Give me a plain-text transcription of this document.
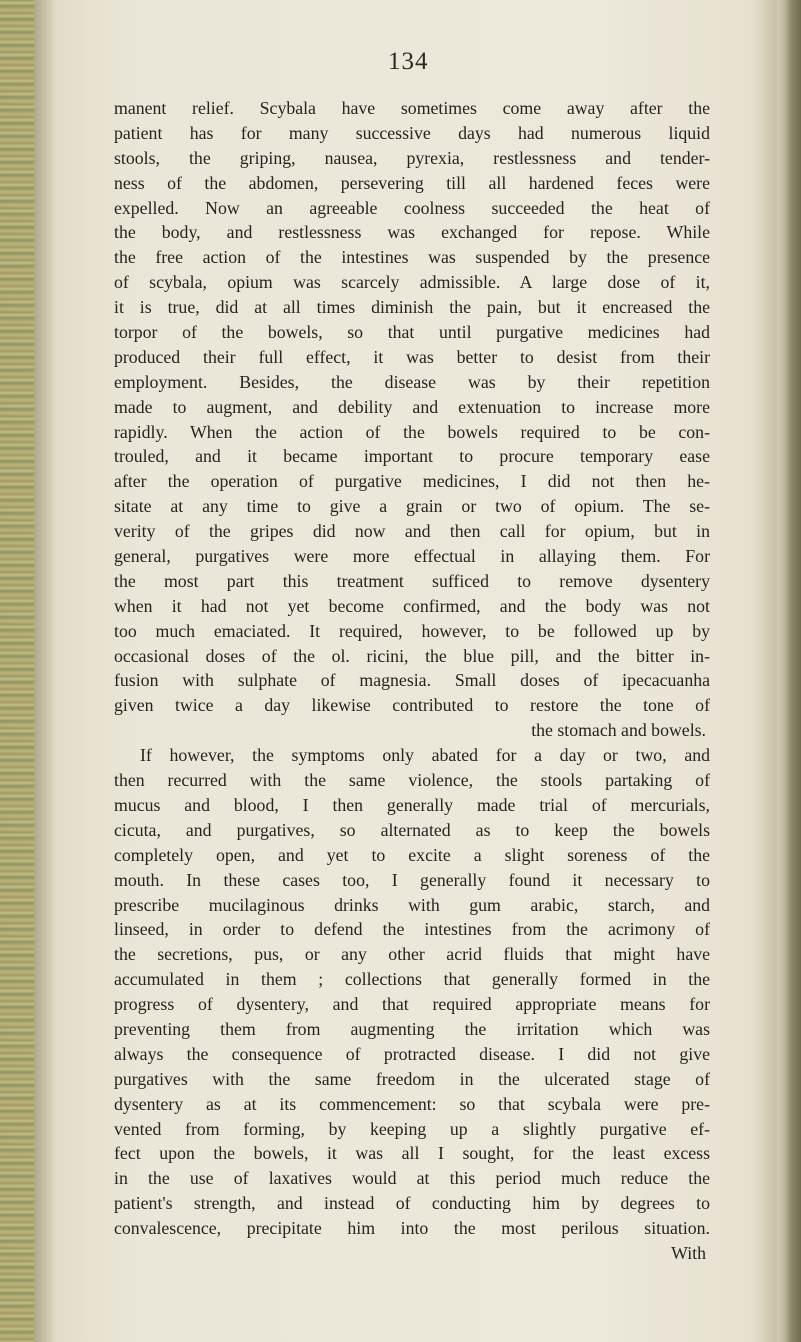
134
manent relief. Scybala have sometimes come away after the
patient has for many successive days had numerous liquid
stools, the griping, nausea, pyrexia, restlessness and tender-
ness of the abdomen, persevering till all hardened feces were
expelled. Now an agreeable coolness succeeded the heat of
the body, and restlessness was exchanged for repose. While
the free action of the intestines was suspended by the presence
of scybala, opium was scarcely admissible. A large dose of it,
it is true, did at all times diminish the pain, but it encreased the
torpor of the bowels, so that until purgative medicines had
produced their full effect, it was better to desist from their
employment. Besides, the disease was by their repetition
made to augment, and debility and extenuation to increase more
rapidly. When the action of the bowels required to be con-
trouled, and it became important to procure temporary ease
after the operation of purgative medicines, I did not then he-
sitate at any time to give a grain or two of opium. The se-
verity of the gripes did now and then call for opium, but in
general, purgatives were more effectual in allaying them. For
the most part this treatment sufficed to remove dysentery
when it had not yet become confirmed, and the body was not
too much emaciated. It required, however, to be followed up by
occasional doses of the ol. ricini, the blue pill, and the bitter in-
fusion with sulphate of magnesia. Small doses of ipecacuanha
given twice a day likewise contributed to restore the tone of
the stomach and bowels.
If however, the symptoms only abated for a day or two, and
then recurred with the same violence, the stools partaking of
mucus and blood, I then generally made trial of mercurials,
cicuta, and purgatives, so alternated as to keep the bowels
completely open, and yet to excite a slight soreness of the
mouth. In these cases too, I generally found it necessary to
prescribe mucilaginous drinks with gum arabic, starch, and
linseed, in order to defend the intestines from the acrimony of
the secretions, pus, or any other acrid fluids that might have
accumulated in them ; collections that generally formed in the
progress of dysentery, and that required appropriate means for
preventing them from augmenting the irritation which was
always the consequence of protracted disease. I did not give
purgatives with the same freedom in the ulcerated stage of
dysentery as at its commencement: so that scybala were pre-
vented from forming, by keeping up a slightly purgative ef-
fect upon the bowels, it was all I sought, for the least excess
in the use of laxatives would at this period much reduce the
patient's strength, and instead of conducting him by degrees to
convalescence, precipitate him into the most perilous situation.
With
